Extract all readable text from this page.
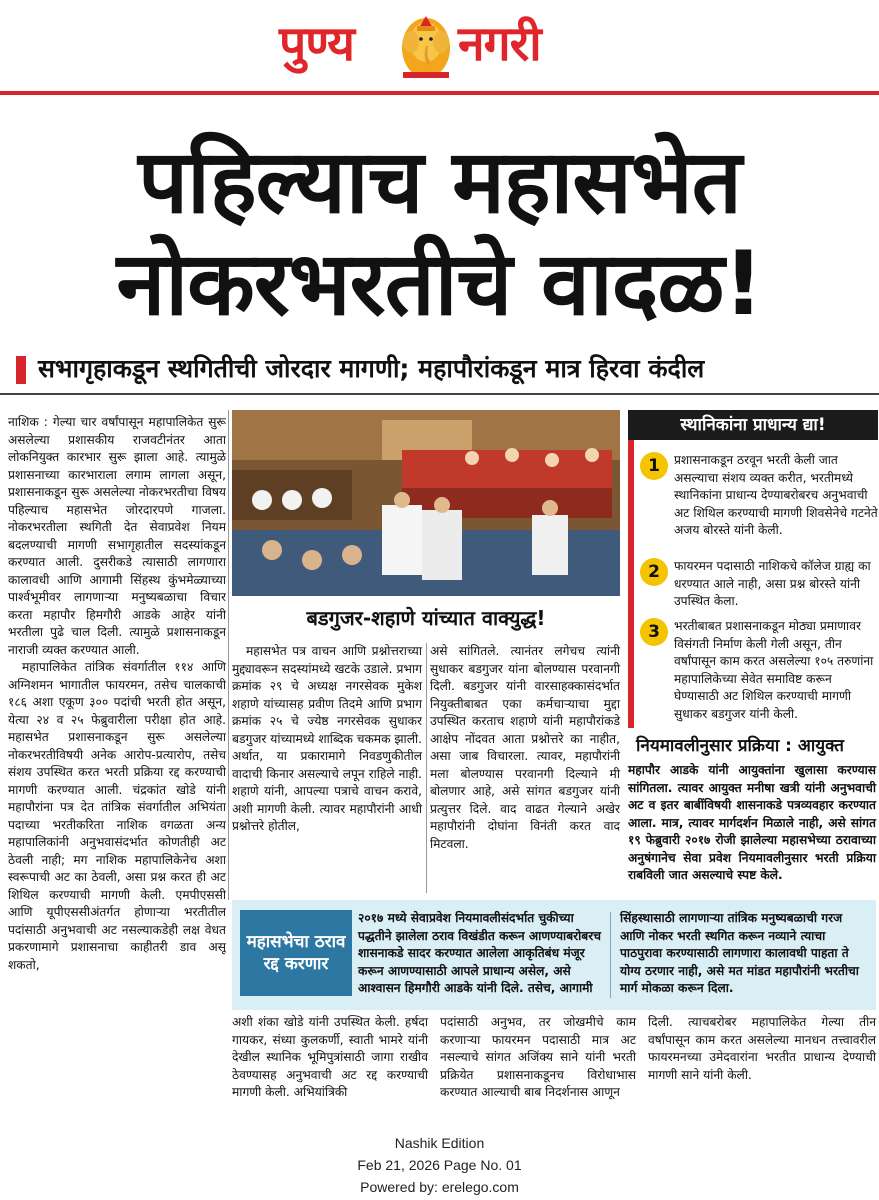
पुण्य नगरी
पहिल्याच महासभेत
नोकरभरतीचे वादळ!
सभागृहाकडून स्थगितीची जोरदार मागणी; महापौरांकडून मात्र हिरवा कंदील

नाशिक : गेल्या चार वर्षांपासून महापालिकेत सुरू असलेल्या प्रशासकीय राजवटीनंतर आता लोकनियुक्त कारभार सुरू झाला आहे. त्यामुळे प्रशासनाच्या कारभाराला लगाम लागला असून, प्रशासनाकडून सुरू असलेल्या नोकरभरतीचा विषय पहिल्याच महासभेत जोरदारपणे गाजला. नोकरभरतीला स्थगिती देत सेवाप्रवेश नियम बदलण्याची मागणी सभागृहातील सदस्यांकडून करण्यात आली. दुसरीकडे त्यासाठी लागणारा कालावधी आणि आगामी सिंहस्थ कुंभमेळ्याच्या पार्श्वभूमीवर लागणाऱ्या मनुष्यबळाचा विचार करता महापौर हिमगौरी आडके आहेर यांनी भरतीला पुढे चाल दिली. त्यामुळे प्रशासनाकडून नाराजी व्यक्त करण्यात आली.

महापालिकेत तांत्रिक संवर्गातील ११४ आणि अग्निशमन भागातील फायरमन, तसेच चालकाची १८६ अशा एकूण ३०० पदांची भरती होत असून, येत्या २४ व २५ फेब्रुवारीला परीक्षा होत आहे. महासभेत प्रशासनाकडून सुरू असलेल्या नोकरभरतीविषयी अनेक आरोप-प्रत्यारोप, तसेच संशय उपस्थित करत भरती प्रक्रिया रद्द करण्याची मागणी करण्यात आली. चंद्रकांत खोडे यांनी महापौरांना पत्र देत तांत्रिक संवर्गातील अभियंता पदाच्या भरतीकरिता नाशिक वगळता अन्य महापालिकांनी अनुभवासंदर्भात कोणतीही अट ठेवली नाही; मग नाशिक महापालिकेनेच अशा स्वरूपाची अट का ठेवली, असा प्रश्न करत ही अट शिथिल करण्याची मागणी केली. एमपीएससी आणि यूपीएससीअंतर्गत होणाऱ्या भरतीतील पदांसाठी अनुभवाची अट नसल्याकडेही लक्ष वेधत प्रकरणामागे प्रशासनाचा काहीतरी डाव असू शकतो,

बडगुजर-शहाणे यांच्यात वाक्युद्ध!

महासभेत पत्र वाचन आणि प्रश्नोत्तराच्या मुद्द्यावरून सदस्यांमध्ये खटके उडाले. प्रभाग क्रमांक २९ चे अध्यक्ष नगरसेवक मुकेश शहाणे यांच्यासह प्रवीण तिदमे आणि प्रभाग क्रमांक २५ चे ज्येष्ठ नगरसेवक सुधाकर बडगुजर यांच्यामध्ये शाब्दिक चकमक झाली. अर्थात, या प्रकारामागे निवडणुकीतील वादाची किनार असल्याचे लपून राहिले नाही. शहाणे यांनी, आपल्या पत्राचे वाचन करावे, अशी मागणी केली. त्यावर महापौरांनी आधी प्रश्नोत्तरे होतील,

असे सांगितले. त्यानंतर लगेचच त्यांनी सुधाकर बडगुजर यांना बोलण्यास परवानगी दिली. बडगुजर यांनी वारसाहक्कासंदर्भात नियुक्तीबाबत एका कर्मचाऱ्याचा मुद्दा उपस्थित करताच शहाणे यांनी महापौरांकडे आक्षेप नोंदवत आता प्रश्नोत्तरे का नाहीत, असा जाब विचारला. त्यावर, महापौरांनी मला बोलण्यास परवानगी दिल्याने मी बोलणार आहे, असे सांगत बडगुजर यांनी प्रत्युत्तर दिले. वाद वाढत गेल्याने अखेर महापौरांनी दोघांना विनंती करत वाद मिटवला.

स्थानिकांना प्राधान्य द्या!
1	प्रशासनाकडून ठरवून भरती केली जात असल्याचा संशय व्यक्त करीत, भरतीमध्ये स्थानिकांना प्राधान्य देण्याबरोबरच अनुभवाची अट शिथिल करण्याची मागणी शिवसेनेचे गटनेते अजय बोरस्ते यांनी केली.
2	फायरमन पदासाठी नाशिकचे कॉलेज ग्राह्य का धरण्यात आले नाही, असा प्रश्न बोरस्ते यांनी उपस्थित केला.
3	भरतीबाबत प्रशासनाकडून मोठ्या प्रमाणावर विसंगती निर्माण केली गेली असून, तीन वर्षांपासून काम करत असलेल्या १०५ तरुणांना महापालिकेच्या सेवेत समाविष्ट करून घेण्यासाठी अट शिथिल करण्याची मागणी सुधाकर बडगुजर यांनी केली.
नियमावलीनुसार प्रक्रिया : आयुक्त
महापौर आडके यांनी आयुक्तांना खुलासा करण्यास सांगितला. त्यावर आयुक्त मनीषा खत्री यांनी अनुभवाची अट व इतर बाबींविषयी शासनाकडे पत्रव्यवहार करण्यात आला. मात्र, त्यावर मार्गदर्शन मिळाले नाही, असे सांगत १९ फेब्रुवारी २०१७ रोजी झालेल्या महासभेच्या ठरावाच्या अनुषंगानेच सेवा प्रवेश नियमावलीनुसार भरती प्रक्रिया राबविली जात असल्याचे स्पष्ट केले.
महासभेचा ठराव रद्द करणार
२०१७ मध्ये सेवाप्रवेश नियमावलीसंदर्भात चुकीच्या पद्धतीने झालेला ठराव विखंडीत करून आणण्याबरोबरच शासनाकडे सादर करण्यात आलेला आकृतिबंध मंजूर करून आणण्यासाठी आपले प्राधान्य असेल, असे आश्वासन हिमगौरी आडके यांनी दिले. तसेच, आगामी
सिंहस्थासाठी लागणाऱ्या तांत्रिक मनुष्यबळाची गरज आणि नोकर भरती स्थगित करून नव्याने त्याचा पाठपुरावा करण्यासाठी लागणारा कालावधी पाहता ते योग्य ठरणार नाही, असे मत मांडत महापौरांनी भरतीचा मार्ग मोकळा करून दिला.
अशी शंका खोडे यांनी उपस्थित केली. हर्षदा गायकर, संध्या कुलकर्णी, स्वाती भामरे यांनी देखील स्थानिक भूमिपुत्रांसाठी जागा राखीव ठेवण्यासह अनुभवाची अट रद्द करण्याची मागणी केली. अभियांत्रिकी
पदांसाठी अनुभव, तर जोखमीचे काम करणाऱ्या फायरमन पदासाठी मात्र अट नसल्याचे सांगत अजिंक्य साने यांनी भरती प्रक्रियेत प्रशासनाकडूनच विरोधाभास करण्यात आल्याची बाब निदर्शनास आणून
दिली. त्याचबरोबर महापालिकेत गेल्या तीन वर्षांपासून काम करत असलेल्या मानधन तत्त्वावरील फायरमनच्या उमेदवारांना भरतीत प्राधान्य देण्याची मागणी साने यांनी केली.
Nashik Edition
Feb 21, 2026 Page No. 01
Powered by: erelego.com
